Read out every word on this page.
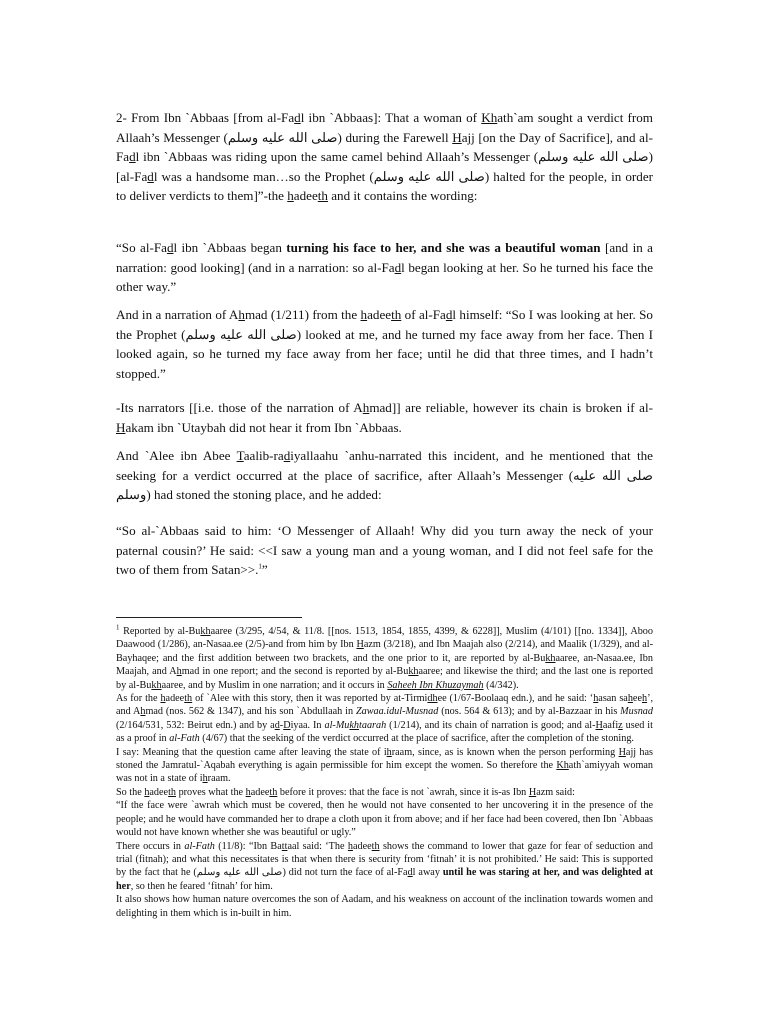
2- From Ibn `Abbaas [from al-Fadl ibn `Abbaas]: That a woman of Khath`am sought a verdict from Allaah’s Messenger (صلى الله عليه وسلم) during the Farewell Hajj [on the Day of Sacrifice], and al-Fadl ibn `Abbaas was riding upon the same camel behind Allaah’s Messenger (صلى الله عليه وسلم) [al-Fadl was a handsome man…so the Prophet (صلى الله عليه وسلم) halted for the people, in order to deliver verdicts to them]”-the hadeeth and it contains the wording:

“So al-Fadl ibn `Abbaas began turning his face to her, and she was a beautiful woman [and in a narration: good looking] (and in a narration: so al-Fadl began looking at her. So he turned his face the other way.”

And in a narration of Ahmad (1/211) from the hadeeth of al-Fadl himself: “So I was looking at her. So the Prophet (صلى الله عليه وسلم) looked at me, and he turned my face away from her face. Then I looked again, so he turned my face away from her face; until he did that three times, and I hadn’t stopped.”

-Its narrators [[i.e. those of the narration of Ahmad]] are reliable, however its chain is broken if al-Hakam ibn `Utaybah did not hear it from Ibn `Abbaas.

And `Alee ibn Abee Taalib-radiyallaahu `anhu-narrated this incident, and he mentioned that the seeking for a verdict occurred at the place of sacrifice, after Allaah’s Messenger (صلى الله عليه وسلم) had stoned the stoning place, and he added:

“So al-`Abbaas said to him: ‘O Messenger of Allaah! Why did you turn away the neck of your paternal cousin?’ He said: <<I saw a young man and a young woman, and I did not feel safe for the two of them from Satan>>.$^1$”

$^1$ Reported by al-Bukhaaree (3/295, 4/54, & 11/8. [[nos. 1513, 1854, 1855, 4399, & 6228]], Muslim (4/101) [[no. 1334]], Aboo Daawood (1/286), an-Nasaa.ee (2/5)-and from him by Ibn Hazm (3/218), and Ibn Maajah also (2/214), and Maalik (1/329), and al-Bayhaqee; and the first addition between two brackets, and the one prior to it, are reported by al-Bukhaaree, an-Nasaa.ee, Ibn Maajah, and Ahmad in one report; and the second is reported by al-Bukhaaree; and likewise the third; and the last one is reported by al-Bukhaaree, and by Muslim in one narration; and it occurs in Saheeh Ibn Khuzaymah (4/342).

As for the hadeeth of `Alee with this story, then it was reported by at-Tirmidhee (1/67-Boolaaq edn.), and he said: ‘hasan saheeh’, and Ahmad (nos. 562 & 1347), and his son `Abdullaah in Zawaa.idul-Musnad (nos. 564 & 613); and by al-Bazzaar in his Musnad (2/164/531, 532: Beirut edn.) and by ad-Diyaa. In al-Mukhtaarah (1/214), and its chain of narration is good; and al-Haafiz used it as a proof in al-Fath (4/67) that the seeking of the verdict occurred at the place of sacrifice, after the completion of the stoning.

I say: Meaning that the question came after leaving the state of ihraam, since, as is known when the person performing Hajj has stoned the Jamratul-`Aqabah everything is again permissible for him except the women. So therefore the Khath`amiyyah woman was not in a state of ihraam.

So the hadeeth proves what the hadeeth before it proves: that the face is not `awrah, since it is-as Ibn Hazm said:

“If the face were `awrah which must be covered, then he would not have consented to her uncovering it in the presence of the people; and he would have commanded her to drape a cloth upon it from above; and if her face had been covered, then Ibn `Abbaas would not have known whether she was beautiful or ugly.”

There occurs in al-Fath (11/8): “Ibn Battaal said: ‘The hadeeth shows the command to lower that gaze for fear of seduction and trial (fitnah); and what this necessitates is that when there is security from ‘fitnah’ it is not prohibited.’ He said: This is supported by the fact that he (صلى الله عليه وسلم) did not turn the face of al-Fadl away until he was staring at her, and was delighted at her, so then he feared ‘fitnah’ for him.

It also shows how human nature overcomes the son of Aadam, and his weakness on account of the inclination towards women and delighting in them which is in-built in him.
